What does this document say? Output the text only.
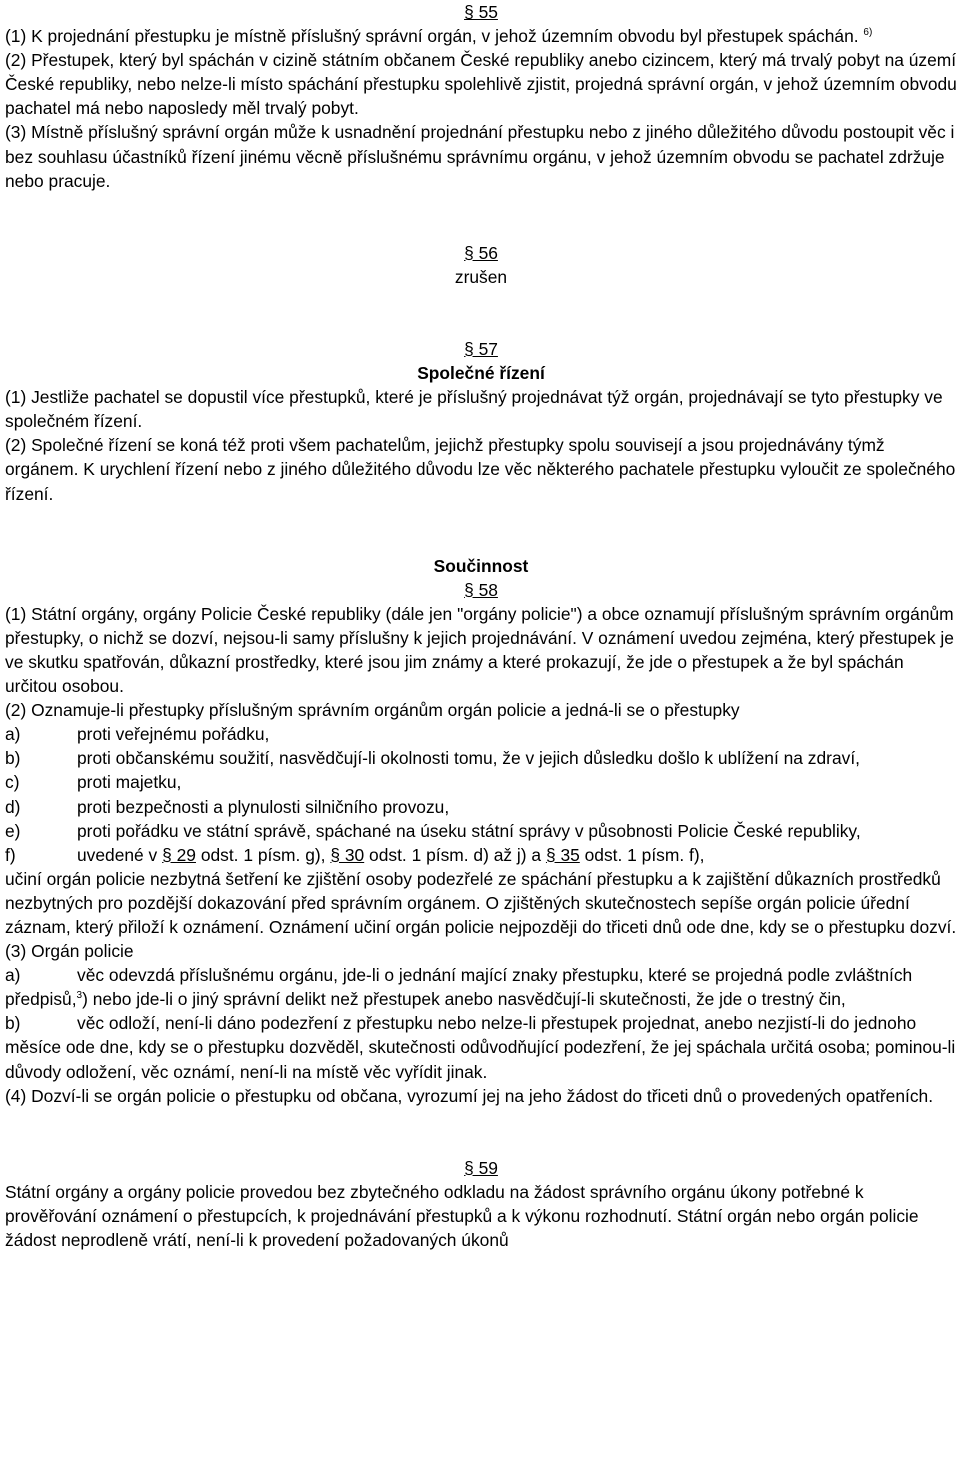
§ 55

(1) K projednání přestupku je místně příslušný správní orgán, v jehož územním obvodu byl přestupek spáchán. $^{6)}$

(2) Přestupek, který byl spáchán v cizině státním občanem České republiky anebo cizincem, který má trvalý pobyt na území České republiky, nebo nelze-li místo spáchání přestupku spolehlivě zjistit, projedná správní orgán, v jehož územním obvodu pachatel má nebo naposledy měl trvalý pobyt.

(3) Místně příslušný správní orgán může k usnadnění projednání přestupku nebo z jiného důležitého důvodu postoupit věc i bez souhlasu účastníků řízení jinému věcně příslušnému správnímu orgánu, v jehož územním obvodu se pachatel zdržuje nebo pracuje.

§ 56
zrušen
§ 57
Společné řízení

(1) Jestliže pachatel se dopustil více přestupků, které je příslušný projednávat týž orgán, projednávají se tyto přestupky ve společném řízení.

(2) Společné řízení se koná též proti všem pachatelům, jejichž přestupky spolu souvisejí a jsou projednávány týmž orgánem. K urychlení řízení nebo z jiného důležitého důvodu lze věc některého pachatele přestupku vyloučit ze společného řízení.

Součinnost
§ 58

(1) Státní orgány, orgány Policie České republiky (dále jen "orgány policie") a obce oznamují příslušným správním orgánům přestupky, o nichž se dozví, nejsou-li samy příslušny k jejich projednávání. V oznámení uvedou zejména, který přestupek je ve skutku spatřován, důkazní prostředky, které jsou jim známy a které prokazují, že jde o přestupek a že byl spáchán určitou osobou.

(2) Oznamuje-li přestupky příslušným správním orgánům orgán policie a jedná-li se o přestupky

a)	proti veřejnému pořádku,
b)	proti občanskému soužití, nasvědčují-li okolnosti tomu, že v jejich důsledku došlo k ublížení na zdraví,
c)	proti majetku,
d)	proti bezpečnosti a plynulosti silničního provozu,
e)	proti pořádku ve státní správě, spáchané na úseku státní správy v působnosti Policie České republiky,
f)	uvedené v § 29 odst. 1 písm. g), § 30 odst. 1 písm. d) až j) a § 35 odst. 1 písm. f),

učiní orgán policie nezbytná šetření ke zjištění osoby podezřelé ze spáchání přestupku a k zajištění důkazních prostředků nezbytných pro pozdější dokazování před správním orgánem. O zjištěných skutečnostech sepíše orgán policie úřední záznam, který přiloží k oznámení. Oznámení učiní orgán policie nejpozději do třiceti dnů ode dne, kdy se o přestupku dozví.

(3) Orgán policie

a)	věc odevzdá příslušnému orgánu, jde-li o jednání mající znaky přestupku, které se projedná podle zvláštních předpisů,$^3$) nebo jde-li o jiný správní delikt než přestupek anebo nasvědčují-li skutečnosti, že jde o trestný čin,
b)	věc odloží, není-li dáno podezření z přestupku nebo nelze-li přestupek projednat, anebo nezjistí-li do jednoho měsíce ode dne, kdy se o přestupku dozvěděl, skutečnosti odůvodňující podezření, že jej spáchala určitá osoba; pominou-li důvody odložení, věc oznámí, není-li na místě věc vyřídit jinak.

(4) Dozví-li se orgán policie o přestupku od občana, vyrozumí jej na jeho žádost do třiceti dnů o provedených opatřeních.

§ 59

Státní orgány a orgány policie provedou bez zbytečného odkladu na žádost správního orgánu úkony potřebné k prověřování oznámení o přestupcích, k projednávání přestupků a k výkonu rozhodnutí. Státní orgán nebo orgán policie žádost neprodleně vrátí, není-li k provedení požadovaných úkonů
